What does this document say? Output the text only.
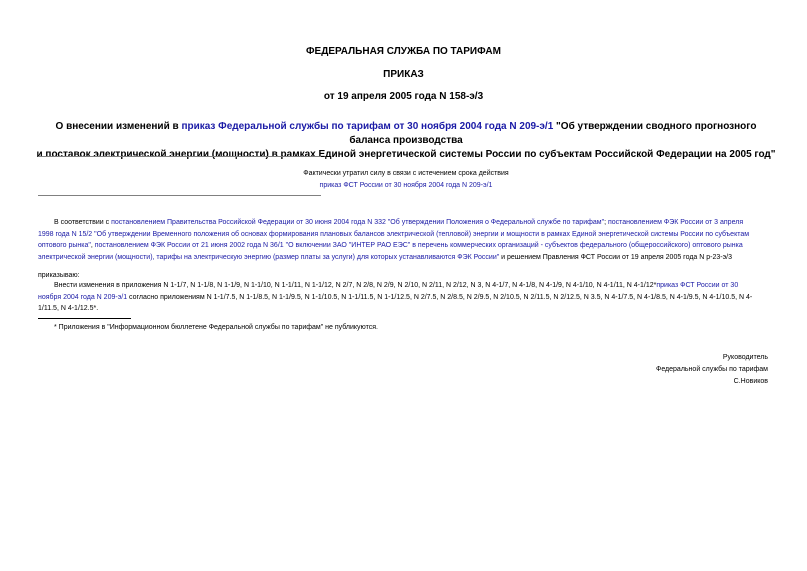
ФЕДЕРАЛЬНАЯ СЛУЖБА ПО ТАРИФАМ
ПРИКАЗ
от 19 апреля 2005 года N 158-э/3
О внесении изменений в приказ Федеральной службы по тарифам от 30 ноября 2004 года N 209-э/1 "Об утверждении сводного прогнозного баланса производства
и поставок электрической энергии (мощности) в рамках Единой энергетической системы России по субъектам Российской Федерации на 2005 год"
Фактически утратил силу в связи с истечением срока действия
приказ ФСТ России от 30 ноября 2004 года N 209-э/1
В соответствии с постановлением Правительства Российской Федерации от 30 июня 2004 года N 332 "Об утверждении Положения о Федеральной службе по тарифам"; постановлением ФЭК России от 3 апреля
1998 года N 15/2 "Об утверждении Временного положения об основах формирования плановых балансов электрической (тепловой) энергии и мощности в рамках Единой энергетической системы России по субъектам
оптового рынка", постановлением ФЭК России от 21 июня 2002 года N 36/1 "О включении ЗАО "ИНТЕР РАО ЕЭС" в перечень коммерческих организаций - субъектов федерального (общероссийского) оптового рынка
электрической энергии (мощности), тарифы на электрическую энергию (размер платы за услуги) для которых устанавливаются ФЭК России" и решением Правления ФСТ России от 19 апреля 2005 года N р-23-э/3
приказываю:
Внести изменения в приложения N 1-1/7, N 1-1/8, N 1-1/9, N 1-1/10, N 1-1/11, N 1-1/12, N 2/7, N 2/8, N 2/9, N 2/10, N 2/11, N 2/12, N 3, N 4-1/7, N 4-1/8, N 4-1/9, N 4-1/10, N 4-1/11, N 4-1/12*приказ ФСТ России от 30
ноября 2004 года N 209-э/1 согласно приложениям N 1-1/7.5, N 1-1/8.5, N 1-1/9.5, N 1-1/10.5, N 1-1/11.5, N 1-1/12.5, N 2/7.5, N 2/8.5, N 2/9.5, N 2/10.5, N 2/11.5, N 2/12.5, N 3.5, N 4-1/7.5, N 4-1/8.5, N 4-1/9.5, N 4-1/10.5, N 4-
1/11.5, N 4-1/12.5*.
* Приложения в "Информационном бюллетене Федеральной службы по тарифам" не публикуются.
Руководитель
Федеральной службы по тарифам
С.Новиков
